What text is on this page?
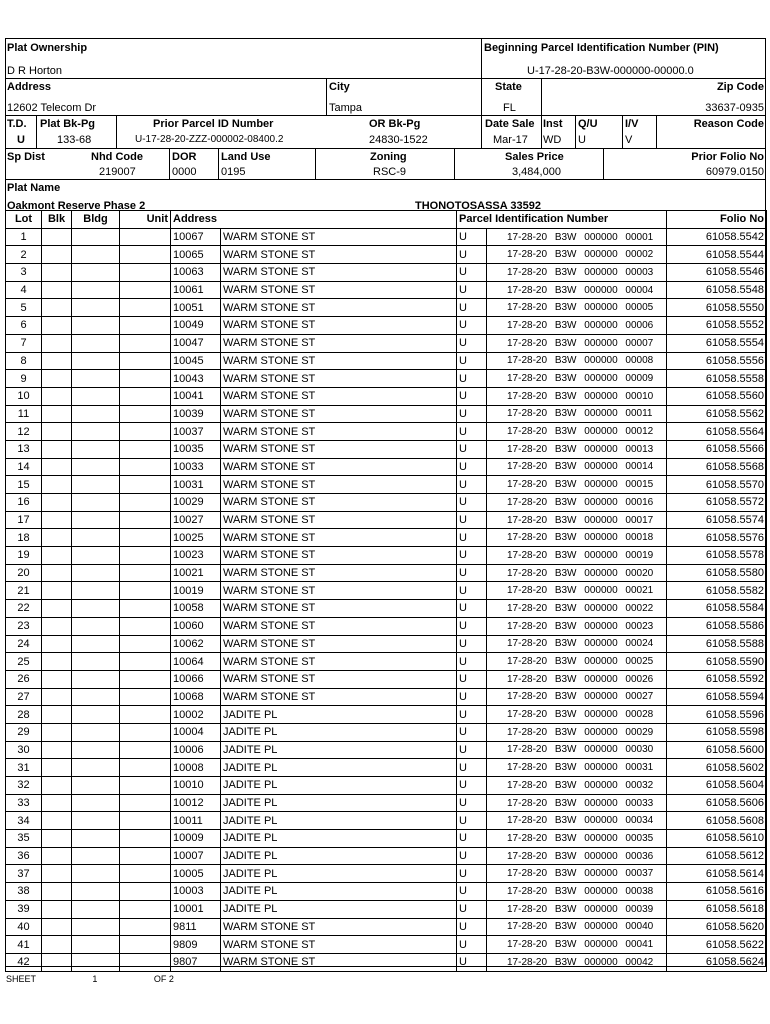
Plat Ownership
D R Horton
Beginning Parcel Identification Number (PIN)
U-17-28-20-B3W-000000-00000.0
Address
12602 Telecom Dr
City
Tampa
State
FL
Zip Code
33637-0935
T.D.
U
Plat Bk-Pg
133-68
Prior Parcel ID Number
U-17-28-20-ZZZ-000002-08400.2
Date Sale
Mar-17
OR Bk-Pg
24830-1522
Inst
WD
Q/U
U
I/V
V
Reason Code
Sp Dist	Nhd Code
219007
DOR
0000
Land Use
0195
Zoning
RSC-9
Sales Price
3,484,000
Prior Folio No
60979.0150
Plat Name
Oakmont Reserve Phase 2	THONOTOSASSA 33592
Lot	Blk	Bldg	Unit	Address		Parcel Identification Number		Folio No
1				10067	WARM STONE ST	U	17-28-20 B3W 000000 00001	61058.5542
2				10065	WARM STONE ST	U	17-28-20 B3W 000000 00002	61058.5544
3				10063	WARM STONE ST	U	17-28-20 B3W 000000 00003	61058.5546
4				10061	WARM STONE ST	U	17-28-20 B3W 000000 00004	61058.5548
5				10051	WARM STONE ST	U	17-28-20 B3W 000000 00005	61058.5550
6				10049	WARM STONE ST	U	17-28-20 B3W 000000 00006	61058.5552
7				10047	WARM STONE ST	U	17-28-20 B3W 000000 00007	61058.5554
8				10045	WARM STONE ST	U	17-28-20 B3W 000000 00008	61058.5556
9				10043	WARM STONE ST	U	17-28-20 B3W 000000 00009	61058.5558
10				10041	WARM STONE ST	U	17-28-20 B3W 000000 00010	61058.5560
11				10039	WARM STONE ST	U	17-28-20 B3W 000000 00011	61058.5562
12				10037	WARM STONE ST	U	17-28-20 B3W 000000 00012	61058.5564
13				10035	WARM STONE ST	U	17-28-20 B3W 000000 00013	61058.5566
14				10033	WARM STONE ST	U	17-28-20 B3W 000000 00014	61058.5568
15				10031	WARM STONE ST	U	17-28-20 B3W 000000 00015	61058.5570
16				10029	WARM STONE ST	U	17-28-20 B3W 000000 00016	61058.5572
17				10027	WARM STONE ST	U	17-28-20 B3W 000000 00017	61058.5574
18				10025	WARM STONE ST	U	17-28-20 B3W 000000 00018	61058.5576
19				10023	WARM STONE ST	U	17-28-20 B3W 000000 00019	61058.5578
20				10021	WARM STONE ST	U	17-28-20 B3W 000000 00020	61058.5580
21				10019	WARM STONE ST	U	17-28-20 B3W 000000 00021	61058.5582
22				10058	WARM STONE ST	U	17-28-20 B3W 000000 00022	61058.5584
23				10060	WARM STONE ST	U	17-28-20 B3W 000000 00023	61058.5586
24				10062	WARM STONE ST	U	17-28-20 B3W 000000 00024	61058.5588
25				10064	WARM STONE ST	U	17-28-20 B3W 000000 00025	61058.5590
26				10066	WARM STONE ST	U	17-28-20 B3W 000000 00026	61058.5592
27				10068	WARM STONE ST	U	17-28-20 B3W 000000 00027	61058.5594
28				10002	JADITE PL	U	17-28-20 B3W 000000 00028	61058.5596
29				10004	JADITE PL	U	17-28-20 B3W 000000 00029	61058.5598
30				10006	JADITE PL	U	17-28-20 B3W 000000 00030	61058.5600
31				10008	JADITE PL	U	17-28-20 B3W 000000 00031	61058.5602
32				10010	JADITE PL	U	17-28-20 B3W 000000 00032	61058.5604
33				10012	JADITE PL	U	17-28-20 B3W 000000 00033	61058.5606
34				10011	JADITE PL	U	17-28-20 B3W 000000 00034	61058.5608
35				10009	JADITE PL	U	17-28-20 B3W 000000 00035	61058.5610
36				10007	JADITE PL	U	17-28-20 B3W 000000 00036	61058.5612
37				10005	JADITE PL	U	17-28-20 B3W 000000 00037	61058.5614
38				10003	JADITE PL	U	17-28-20 B3W 000000 00038	61058.5616
39				10001	JADITE PL	U	17-28-20 B3W 000000 00039	61058.5618
40				9811	WARM STONE ST	U	17-28-20 B3W 000000 00040	61058.5620
41				9809	WARM STONE ST	U	17-28-20 B3W 000000 00041	61058.5622
42				9807	WARM STONE ST	U	17-28-20 B3W 000000 00042	61058.5624
SHEET	1	OF 2
